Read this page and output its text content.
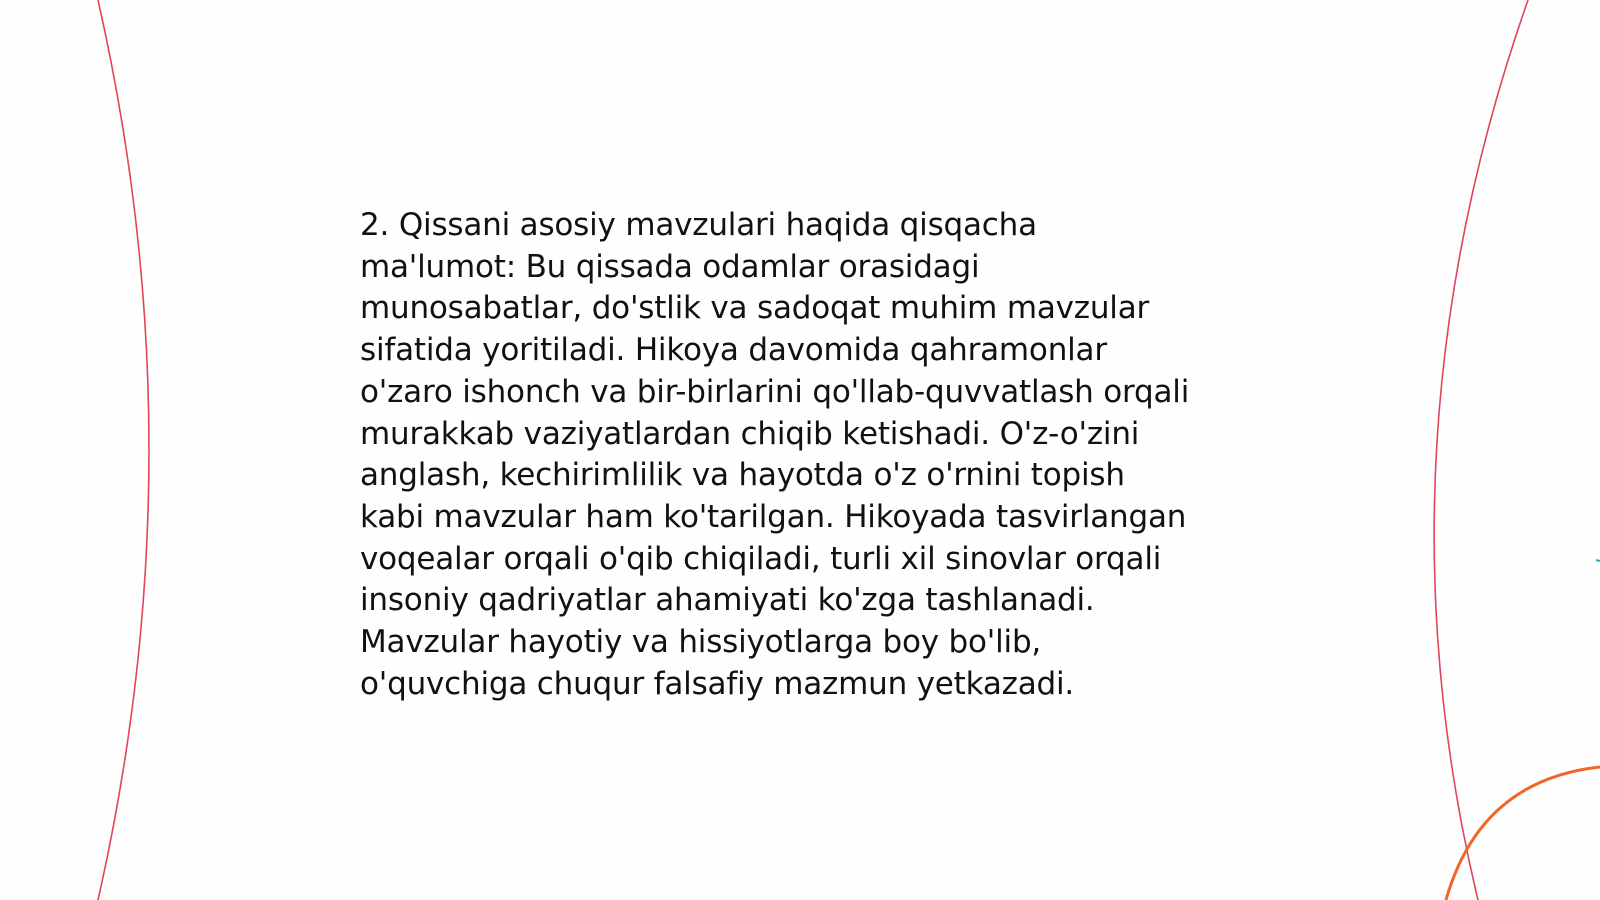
2. Qissani asosiy mavzulari haqida qisqacha
ma'lumot: Bu qissada odamlar orasidagi
munosabatlar, do'stlik va sadoqat muhim mavzular
sifatida yoritiladi. Hikoya davomida qahramonlar
o'zaro ishonch va bir-birlarini qo'llab-quvvatlash orqali
murakkab vaziyatlardan chiqib ketishadi. O'z-o'zini
anglash, kechirimlilik va hayotda o'z o'rnini topish
kabi mavzular ham ko'tarilgan. Hikoyada tasvirlangan
voqealar orqali o'qib chiqiladi, turli xil sinovlar orqali
insoniy qadriyatlar ahamiyati ko'zga tashlanadi.
Mavzular hayotiy va hissiyotlarga boy bo'lib,
o'quvchiga chuqur falsafiy mazmun yetkazadi.
